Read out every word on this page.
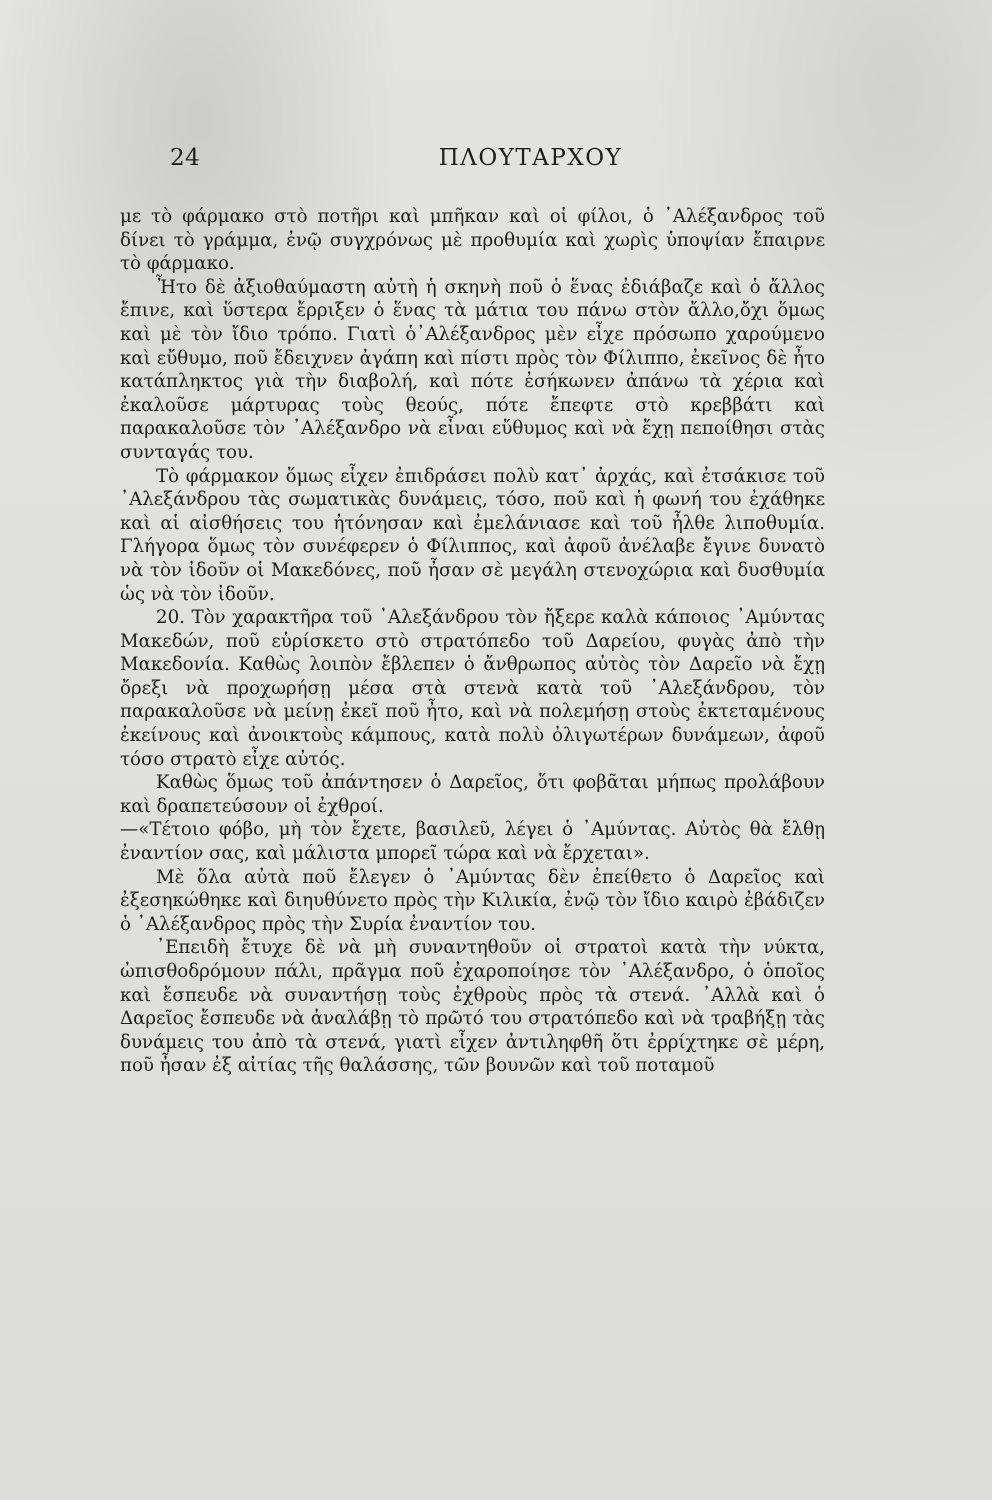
24	ΠΛΟΥΤΑΡΧΟΥ

με τὸ φάρμακο στὸ ποτῆρι καὶ μπῆκαν καὶ οἱ φίλοι, ὁ ᾿Αλέξανδρος τοῦ δίνει τὸ γράμμα, ἐνῷ συγχρόνως μὲ προθυμία καὶ χωρὶς ὑποψίαν ἔπαιρνε τὸ φάρμακο.

Ἦτο δὲ ἀξιοθαύμαστη αὐτὴ ἡ σκηνὴ ποῦ ὁ ἕνας ἐδιάβαζε καὶ ὁ ἄλλος ἔπινε, καὶ ὕστερα ἔρριξεν ὁ ἕνας τὰ μάτια του πάνω στὸν ἄλλο,ὄχι ὅμως καὶ μὲ τὸν ἴδιο τρόπο. Γιατὶ ὁ᾿Αλέξανδρος μὲν εἶχε πρόσωπο χαρούμενο καὶ εὔθυμο, ποῦ ἔδειχνεν ἀγάπη καὶ πίστι πρὸς τὸν Φίλιππο, ἐκεῖνος δὲ ἦτο κατάπληκτος γιὰ τὴν διαβολή, καὶ πότε ἐσήκωνεν ἀπάνω τὰ χέρια καὶ ἐκαλοῦσε μάρτυρας τοὺς θεούς, πότε ἔπεφτε στὸ κρεββάτι καὶ παρακαλοῦσε τὸν ᾿Αλέξανδρο νὰ εἶναι εὔθυμος καὶ νὰ ἔχῃ πεποίθησι στὰς συνταγάς του.

Τὸ φάρμακον ὅμως εἶχεν ἐπιδράσει πολὺ κατ᾿ ἀρχάς, καὶ ἐτσάκισε τοῦ ᾿Αλεξάνδρου τὰς σωματικὰς δυνάμεις, τόσο, ποῦ καὶ ἡ φωνή του ἐχάθηκε καὶ αἱ αἰσθήσεις του ἠτόνησαν καὶ ἐμελάνιασε καὶ τοῦ ἦλθε λιποθυμία. Γλήγορα ὅμως τὸν συνέφερεν ὁ Φίλιππος, καὶ ἀφοῦ ἀνέλαβε ἔγινε δυνατὸ νὰ τὸν ἰδοῦν οἱ Μακεδόνες, ποῦ ἦσαν σὲ μεγάλη στενοχώρια καὶ δυσθυμία ὡς νὰ τὸν ἰδοῦν.

20. Τὸν χαρακτῆρα τοῦ ᾿Αλεξάνδρου τὸν ἤξερε καλὰ κάποιος ᾿Αμύντας Μακεδών, ποῦ εὑρίσκετο στὸ στρατόπεδο τοῦ Δαρείου, φυγὰς ἀπὸ τὴν Μακεδονία. Καθὼς λοιπὸν ἔβλεπεν ὁ ἄνθρωπος αὐτὸς τὸν Δαρεῖο νὰ ἔχῃ ὄρεξι νὰ προχωρήσῃ μέσα στὰ στενὰ κατὰ τοῦ ᾿Αλεξάνδρου, τὸν παρακαλοῦσε νὰ μείνῃ ἐκεῖ ποῦ ἦτο, καὶ νὰ πολεμήσῃ στοὺς ἐκτεταμένους ἐκείνους καὶ ἀνοικτοὺς κάμπους, κατὰ πολὺ ὀλιγωτέρων δυνάμεων, ἀφοῦ τόσο στρατὸ εἶχε αὐτός.

Καθὼς ὅμως τοῦ ἀπάντησεν ὁ Δαρεῖος, ὅτι φοβᾶται μήπως προλάβουν καὶ δραπετεύσουν οἱ ἐχθροί.

—«Τέτοιο φόβο, μὴ τὸν ἔχετε, βασιλεῦ, λέγει ὁ ᾿Αμύντας. Αὐτὸς θὰ ἔλθῃ ἐναντίον σας, καὶ μάλιστα μπορεῖ τώρα καὶ νὰ ἔρχεται».

Μὲ ὅλα αὐτὰ ποῦ ἔλεγεν ὁ ᾿Αμύντας δὲν ἐπείθετο ὁ Δαρεῖος καὶ ἐξεσηκώθηκε καὶ διηυθύνετο πρὸς τὴν Κιλικία, ἐνῷ τὸν ἴδιο καιρὸ ἐβάδιζεν ὁ ᾿Αλέξανδρος πρὸς τὴν Συρία ἐναντίον του.

᾿Επειδὴ ἔτυχε δὲ νὰ μὴ συναντηθοῦν οἱ στρατοὶ κατὰ τὴν νύκτα, ὠπισθοδρόμουν πάλι, πρᾶγμα ποῦ ἐχαροποίησε τὸν ᾿Αλέξανδρο, ὁ ὁποῖος καὶ ἔσπευδε νὰ συναντήσῃ τοὺς ἐχθροὺς πρὸς τὰ στενά. ᾿Αλλὰ καὶ ὁ Δαρεῖος ἔσπευδε νὰ ἀναλάβῃ τὸ πρῶτό του στρατόπεδο καὶ νὰ τραβήξῃ τὰς δυνάμεις του ἀπὸ τὰ στενά, γιατὶ εἶχεν ἀντιληφθῆ ὅτι ἐρρίχτηκε σὲ μέρη, ποῦ ἦσαν ἐξ αἰτίας τῆς θαλάσσης, τῶν βουνῶν καὶ τοῦ ποταμοῦ
